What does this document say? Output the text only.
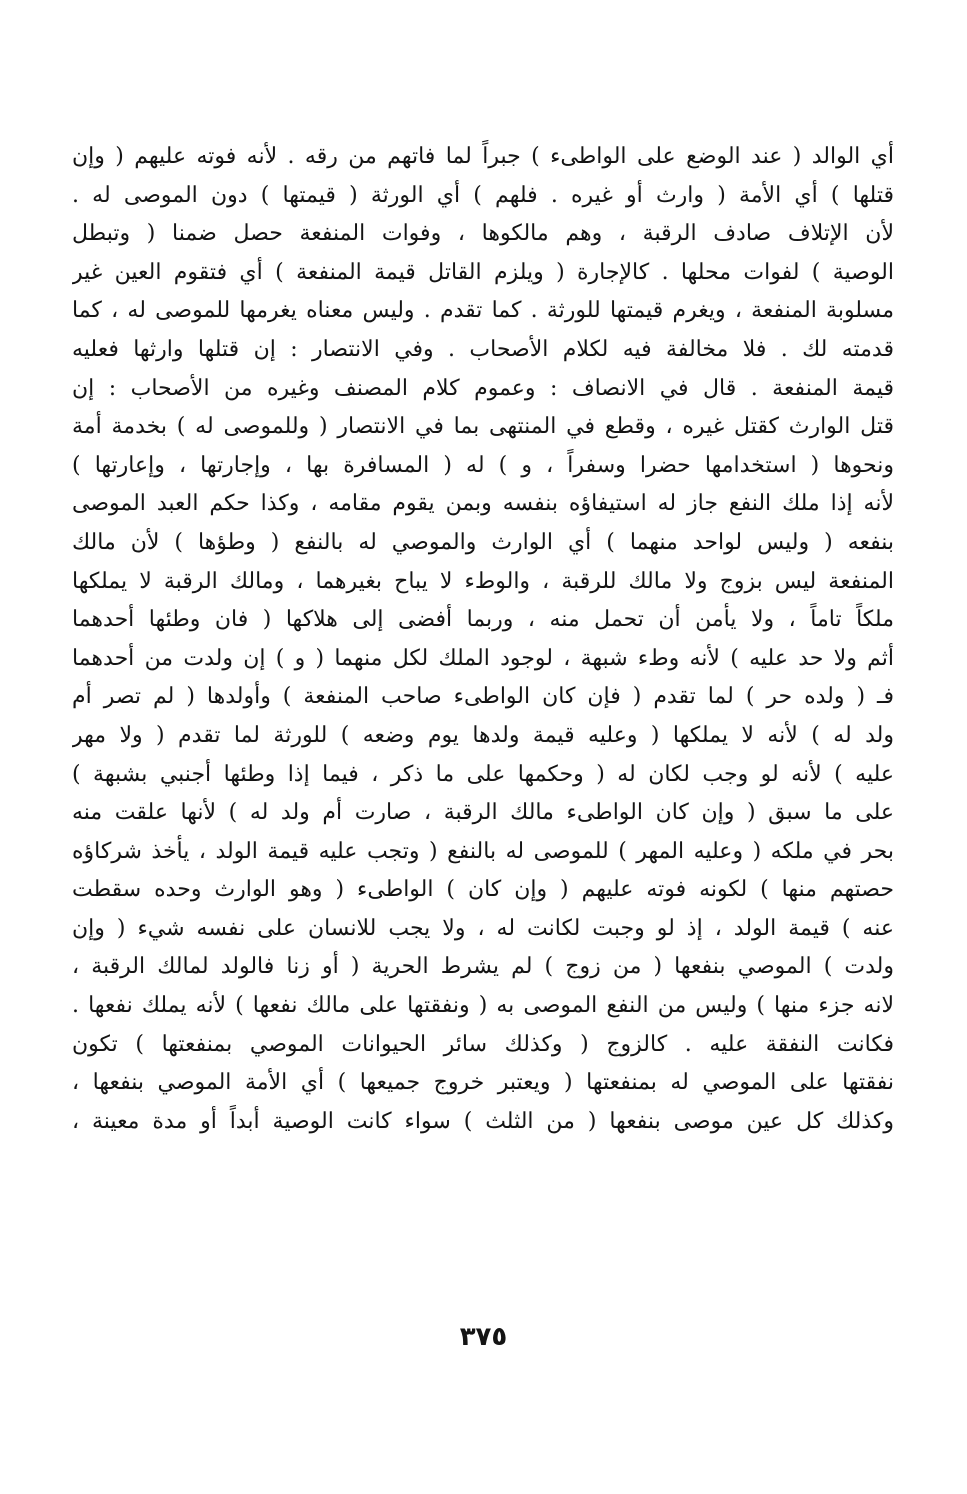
أي الوالد ( عند الوضع على الواطىء ) جبراً لما فاتهم من رقه . لأنه فوته عليهم ( وإن
قتلها ) أي الأمة ( وارث أو غيره . فلهم ) أي الورثة ( قيمتها ) دون الموصى له .
لأن الإتلاف صادف الرقبة ، وهم مالكوها ، وفوات المنفعة حصل ضمنا ( وتبطل
الوصية ) لفوات محلها . كالإجارة ( ويلزم القاتل قيمة المنفعة ) أي فتقوم العين غير
مسلوبة المنفعة ، ويغرم قيمتها للورثة . كما تقدم . وليس معناه يغرمها للموصى له ، كما
قدمته لك . فلا مخالفة فيه لكلام الأصحاب . وفي الانتصار : إن قتلها وارثها فعليه
قيمة المنفعة . قال في الانصاف : وعموم كلام المصنف وغيره من الأصحاب : إن
قتل الوارث كقتل غيره ، وقطع في المنتهى بما في الانتصار ( وللموصى له ) بخدمة أمة
ونحوها ( استخدامها حضرا وسفراً ، و ) له ( المسافرة بها ، وإجارتها ، وإعارتها )
لأنه إذا ملك النفع جاز له استيفاؤه بنفسه وبمن يقوم مقامه ، وكذا حكم العبد الموصى
بنفعه ( وليس لواحد منهما ) أي الوارث والموصي له بالنفع ( وطؤها ) لأن مالك
المنفعة ليس بزوج ولا مالك للرقبة ، والوطء لا يباح بغيرهما ، ومالك الرقبة لا يملكها
ملكاً تاماً ، ولا يأمن أن تحمل منه ، وربما أفضى إلى هلاكها ( فان وطئها أحدهما
أثم ولا حد عليه ) لأنه وطء شبهة ، لوجود الملك لكل منهما ( و ) إن ولدت من أحدهما
فـ ( ولده حر ) لما تقدم ( فإن كان الواطىء صاحب المنفعة ) وأولدها ( لم تصر أم
ولد له ) لأنه لا يملكها ( وعليه قيمة ولدها يوم وضعه ) للورثة لما تقدم ( ولا مهر
عليه ) لأنه لو وجب لكان له ( وحكمها على ما ذكر ، فيما إذا وطئها أجنبي بشبهة )
على ما سبق ( وإن كان الواطىء مالك الرقبة ، صارت أم ولد له ) لأنها علقت منه
بحر في ملكه ( وعليه المهر ) للموصى له بالنفع ( وتجب عليه قيمة الولد ، يأخذ شركاؤه
حصتهم منها ) لكونه فوته عليهم ( وإن كان ) الواطىء ( وهو الوارث وحده سقطت
عنه ) قيمة الولد ، إذ لو وجبت لكانت له ، ولا يجب للانسان على نفسه شيء ( وإن
ولدت ) الموصي بنفعها ( من زوج ) لم يشرط الحرية ( أو زنا فالولد لمالك الرقبة ،
لانه جزء منها ) وليس من النفع الموصى به ( ونفقتها على مالك نفعها ) لأنه يملك نفعها .
فكانت النفقة عليه . كالزوج ( وكذلك سائر الحيوانات الموصي بمنفعتها ) تكون
نفقتها على الموصي له بمنفعتها ( ويعتبر خروج جميعها ) أي الأمة الموصي بنفعها ،
وكذلك كل عين موصى بنفعها ( من الثلث ) سواء كانت الوصية أبداً أو مدة معينة ،
٣٧٥
